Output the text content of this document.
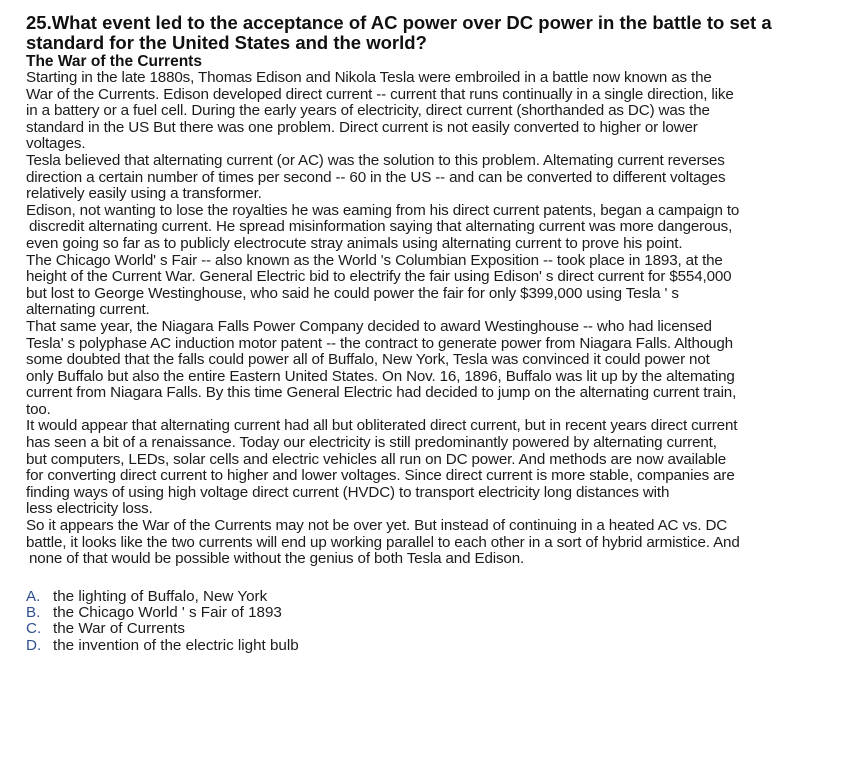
25.What event led to the acceptance of AC power over DC power in the battle to set a
standard for the United States and the world?
The War of the Currents
Starting in the late 1880s, Thomas Edison and Nikola Tesla were embroiled in a battle now known as the
War of the Currents. Edison developed direct current -- current that runs continually in a single direction, like
in a battery or a fuel cell. During the early years of electricity, direct current (shorthanded as DC) was the
standard in the US But there was one problem. Direct current is not easily converted to higher or lower
voltages.
Tesla believed that alternating current (or AC) was the solution to this problem. Altemating current reverses
direction a certain number of times per second -- 60 in the US -- and can be converted to different voltages
relatively easily using a transformer.
Edison, not wanting to lose the royalties he was eaming from his direct current patents, began a campaign to
discredit alternating current. He spread misinformation saying that alternating current was more dangerous,
even going so far as to publicly electrocute stray animals using alternating current to prove his point.
The Chicago World' s Fair -- also known as the World 's Columbian Exposition -- took place in 1893, at the
height of the Current War. General Electric bid to electrify the fair using Edison' s direct current for $554,000
but lost to George Westinghouse, who said he could power the fair for only $399,000 using Tesla ' s
alternating current.
That same year, the Niagara Falls Power Company decided to award Westinghouse -- who had licensed
Tesla' s polyphase AC induction motor patent -- the contract to generate power from Niagara Falls. Although
some doubted that the falls could power all of Buffalo, New York, Tesla was convinced it could power not
only Buffalo but also the entire Eastern United States. On Nov. 16, 1896, Buffalo was lit up by the altemating
current from Niagara Falls. By this time General Electric had decided to jump on the alternating current train,
too.
It would appear that alternating current had all but obliterated direct current, but in recent years direct current
has seen a bit of a renaissance. Today our electricity is still predominantly powered by alternating current,
but computers, LEDs, solar cells and electric vehicles all run on DC power. And methods are now available
for converting direct current to higher and lower voltages. Since direct current is more stable, companies are
finding ways of using high voltage direct current (HVDC) to transport electricity long distances with
less electricity loss.
So it appears the War of the Currents may not be over yet. But instead of continuing in a heated AC vs. DC
battle, it looks like the two currents will end up working parallel to each other in a sort of hybrid armistice. And
none of that would be possible without the genius of both Tesla and Edison.
A. the lighting of Buffalo, New York
B. the Chicago World ' s Fair of 1893
C. the War of Currents
D. the invention of the electric light bulb
